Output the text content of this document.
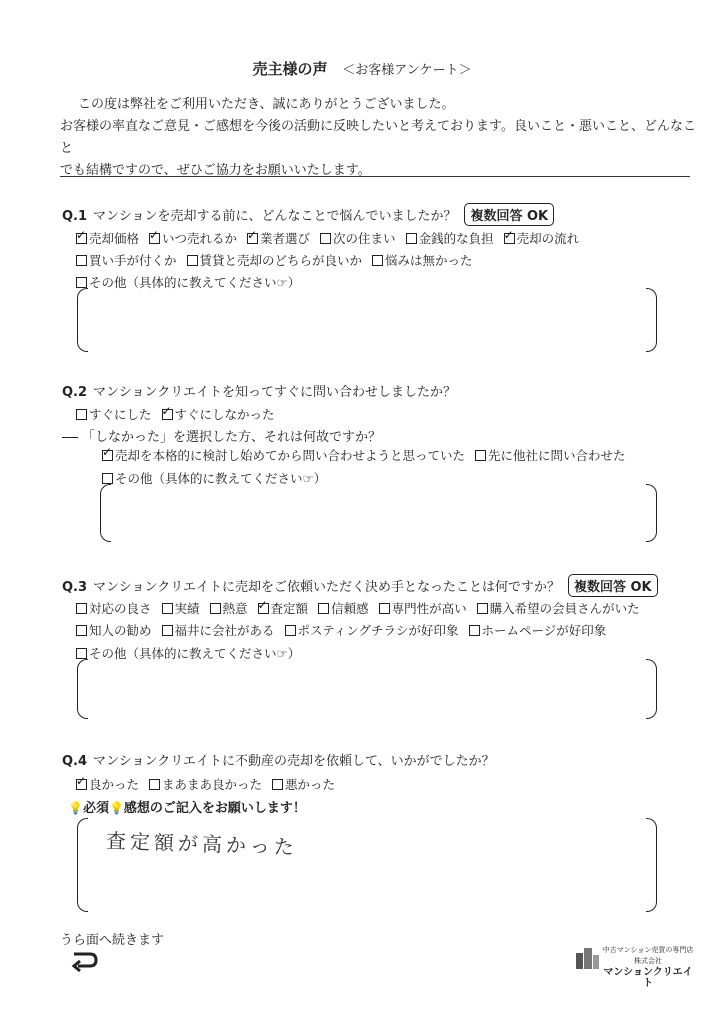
売主様の声 ＜お客様アンケート＞
この度は弊社をご利用いただき、誠にありがとうございました。
お客様の率直なご意見・ご感想を今後の活動に反映したいと考えております。良いこと・悪いこと、どんなこと
でも結構ですので、ぜひご協力をお願いいたします。
Q.1 マンションを売却する前に、どんなことで悩んでいましたか？ 複数回答 OK
✓売却価格 ✓ いつ売れるか ✓ 業者選び 次の住まい 金銭的な負担 ✓ 売却の流れ
買い手が付くか 賃貸と売却のどちらが良いか 悩みは無かった
その他（具体的に教えてください☞）
Q.2 マンションクリエイトを知ってすぐに問い合わせしましたか？
すぐにした ✓ すぐにしなかった
「しなかった」を選択した方、それは何故ですか？
✓売却を本格的に検討し始めてから問い合わせようと思っていた 先に他社に問い合わせた
その他（具体的に教えてください☞）
Q.3 マンションクリエイトに売却をご依頼いただく決め手となったことは何ですか？ 複数回答 OK
対応の良さ 実績 熱意 ✓ 査定額 信頼感 専門性が高い 購入希望の会員さんがいた
知人の勧め 福井に会社がある ポスティングチラシが好印象 ホームページが好印象
その他（具体的に教えてください☞）
Q.4 マンションクリエイトに不動産の売却を依頼して、いかがでしたか？
✓良かった まあまあ良かった 悪かった
💡必須💡感想のご記入をお願いします！
査定額が高かった
うら面へ続きます
中古マンション売買の専門店
株式会社
マンションクリエイト
